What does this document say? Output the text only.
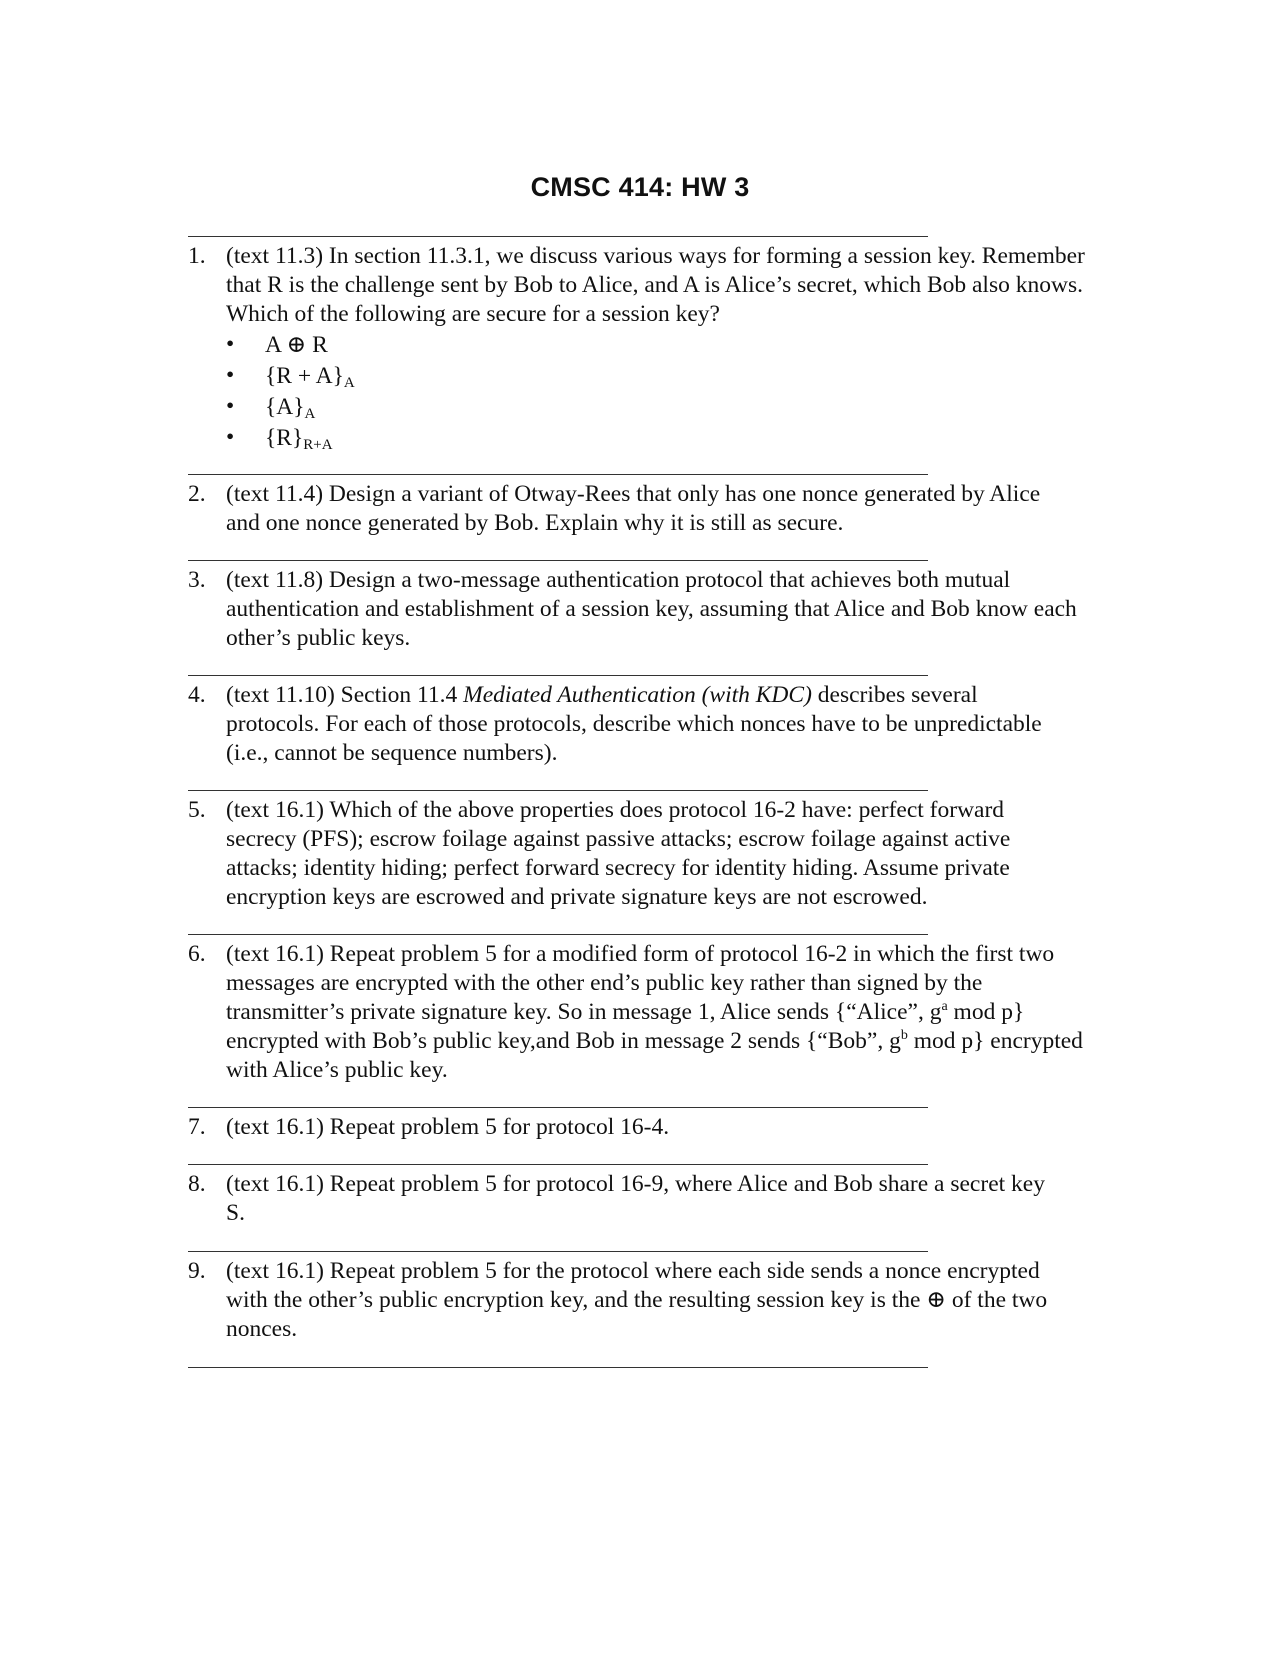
CMSC 414: HW 3
1. (text 11.3) In section 11.3.1, we discuss various ways for forming a session key. Remember that R is the challenge sent by Bob to Alice, and A is Alice’s secret, which Bob also knows. Which of the following are secure for a session key?
• A ⊕ R
• $\{R + A\}_A$
• $\{A\}_A$
• $\{R\}_{R+A}$
2. (text 11.4) Design a variant of Otway-Rees that only has one nonce generated by Alice and one nonce generated by Bob. Explain why it is still as secure.
3. (text 11.8) Design a two-message authentication protocol that achieves both mutual authentication and establishment of a session key, assuming that Alice and Bob know each other’s public keys.
4. (text 11.10) Section 11.4 Mediated Authentication (with KDC) describes several protocols. For each of those protocols, describe which nonces have to be unpredictable (i.e., cannot be sequence numbers).
5. (text 16.1) Which of the above properties does protocol 16-2 have: perfect forward secrecy (PFS); escrow foilage against passive attacks; escrow foilage against active attacks; identity hiding; perfect forward secrecy for identity hiding. Assume private encryption keys are escrowed and private signature keys are not escrowed.
6. (text 16.1) Repeat problem 5 for a modified form of protocol 16-2 in which the first two messages are encrypted with the other end’s public key rather than signed by the transmitter’s private signature key. So in message 1, Alice sends {“Alice”, $g^a$ mod p} encrypted with Bob’s public key,and Bob in message 2 sends {“Bob”, $g^b$ mod p} encrypted with Alice’s public key.
7. (text 16.1) Repeat problem 5 for protocol 16-4.
8. (text 16.1) Repeat problem 5 for protocol 16-9, where Alice and Bob share a secret key S.
9. (text 16.1) Repeat problem 5 for the protocol where each side sends a nonce encrypted with the other’s public encryption key, and the resulting session key is the ⊕ of the two nonces.
